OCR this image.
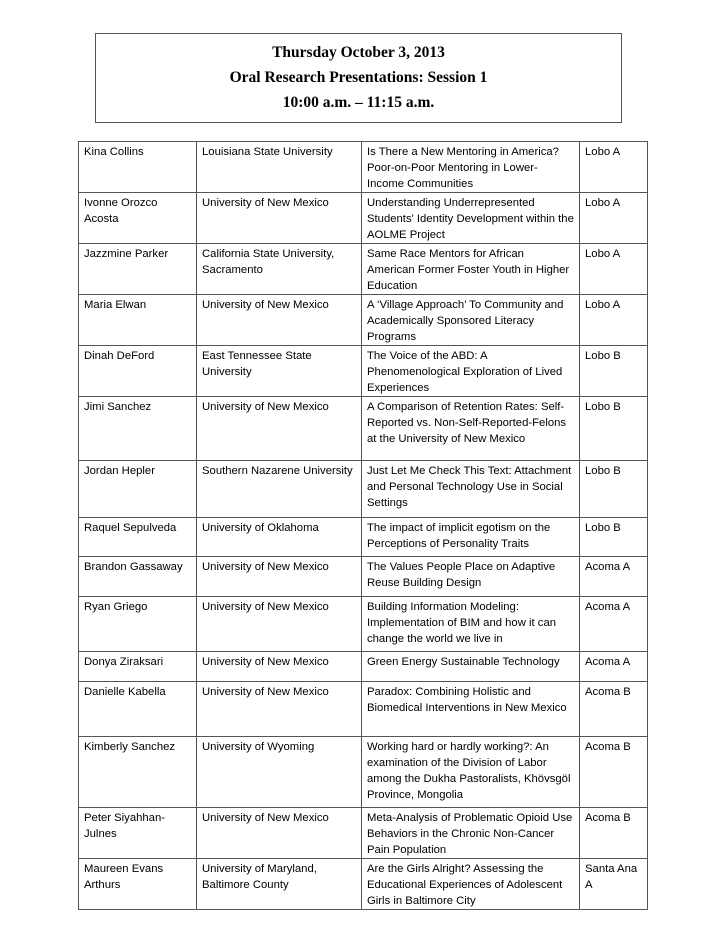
Thursday October 3, 2013
Oral Research Presentations: Session 1
10:00 a.m. – 11:15 a.m.
Kina Collins	Louisiana State University	Is There a New Mentoring in America? Poor-on-Poor Mentoring in Lower-Income Communities	Lobo A
Ivonne Orozco Acosta	University of New Mexico	Understanding Underrepresented Students' Identity Development within the AOLME Project	Lobo A
Jazzmine Parker	California State University, Sacramento	Same Race Mentors for African American Former Foster Youth in Higher Education	Lobo A
Maria Elwan	University of New Mexico	A ‘Village Approach’ To Community and Academically Sponsored Literacy Programs	Lobo A
Dinah DeFord	East Tennessee State University	The Voice of the ABD: A Phenomenological Exploration of Lived Experiences	Lobo B
Jimi Sanchez	University of New Mexico	A Comparison of Retention Rates: Self-Reported vs. Non-Self-Reported-Felons at the University of New Mexico	Lobo B
Jordan Hepler	Southern Nazarene University	Just Let Me Check This Text: Attachment and Personal Technology Use in Social Settings	Lobo B
Raquel Sepulveda	University of Oklahoma	The impact of implicit egotism on the Perceptions of Personality Traits	Lobo B
Brandon Gassaway	University of New Mexico	The Values People Place on Adaptive Reuse Building Design	Acoma A
Ryan Griego	University of New Mexico	Building Information Modeling: Implementation of BIM and how it can change the world we live in	Acoma A
Donya Ziraksari	University of New Mexico	Green Energy Sustainable Technology	Acoma A
Danielle Kabella	University of New Mexico	Paradox: Combining Holistic and Biomedical Interventions in New Mexico	Acoma B
Kimberly Sanchez	University of Wyoming	Working hard or hardly working?: An examination of the Division of Labor among the Dukha Pastoralists, Khövsgöl Province, Mongolia	Acoma B
Peter Siyahhan-Julnes	University of New Mexico	Meta-Analysis of Problematic Opioid Use Behaviors in the Chronic Non-Cancer Pain Population	Acoma B
Maureen Evans Arthurs	University of Maryland, Baltimore County	Are the Girls Alright? Assessing the Educational Experiences of Adolescent Girls in Baltimore City	Santa Ana A
